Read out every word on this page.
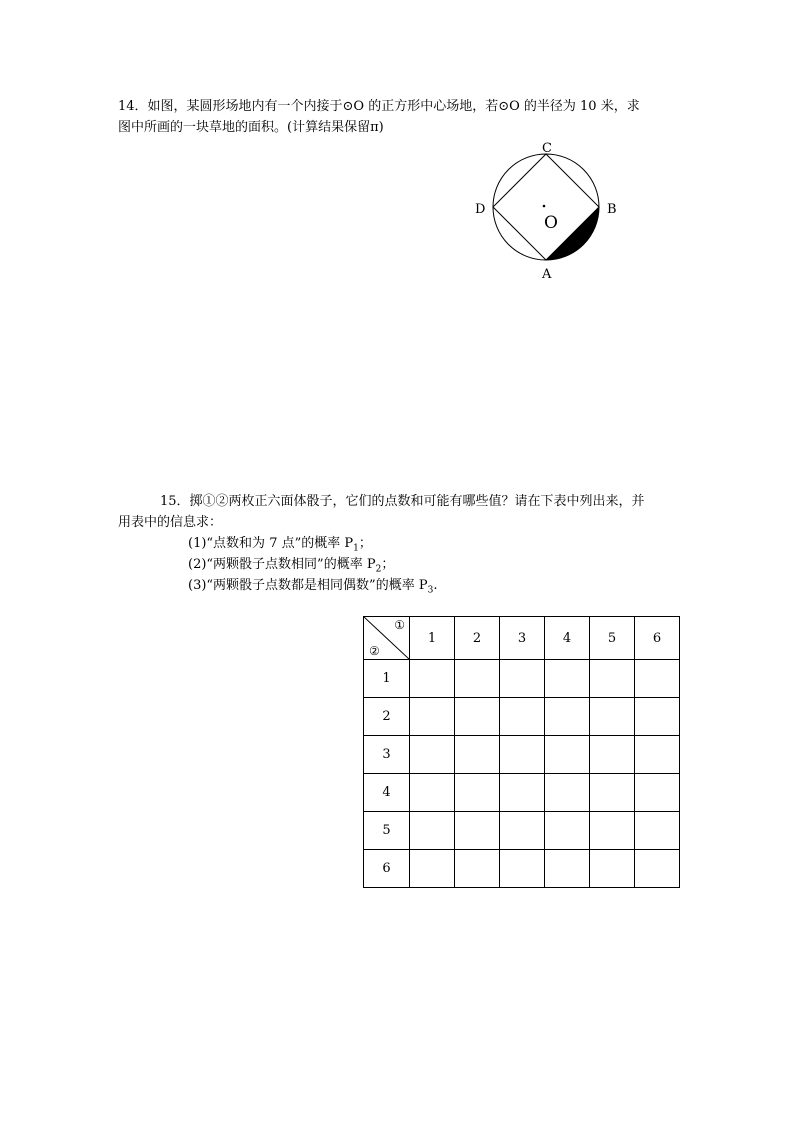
14．如图，某圆形场地内有一个内接于⊙O 的正方形中心场地，若⊙O 的半径为 10 米，求
图中所画的一块草地的面积。(计算结果保留π)
C
D	B
A
O
15．掷①②两枚正六面体骰子，它们的点数和可能有哪些值？请在下表中列出来，并
用表中的信息求：
(1)“点数和为 7 点”的概率 $P_1$；
(2)“两颗骰子点数相同”的概率 $P_2$；
(3)“两颗骰子点数都是相同偶数”的概率 $P_3$.
①
②	1	2	3	4	5	6
1						
2						
3						
4						
5						
6						
